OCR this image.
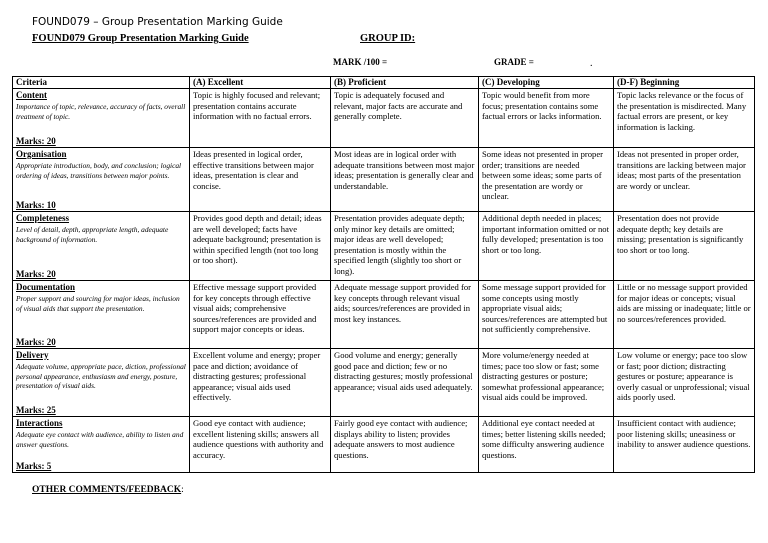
FOUND079 – Group Presentation Marking Guide
FOUND079 Group Presentation Marking Guide	GROUP ID:
MARK /100 =	GRADE =	.
Criteria	(A) Excellent	(B) Proficient	(C) Developing	(D-F) Beginning

Content
Importance of topic, relevance, accuracy of facts, overall treatment of topic.
Marks: 20	Topic is highly focused and relevant; presentation contains accurate information with no factual errors.	Topic is adequately focused and relevant, major facts are accurate and generally complete.	Topic would benefit from more focus; presentation contains some factual errors or lacks information.	Topic lacks relevance or the focus of the presentation is misdirected. Many factual errors are present, or key information is lacking.

Organisation
Appropriate introduction, body, and conclusion; logical ordering of ideas, transitions between major points.
Marks: 10	Ideas presented in logical order, effective transitions between major ideas, presentation is clear and concise.	Most ideas are in logical order with adequate transitions between most major ideas; presentation is generally clear and understandable.	Some ideas not presented in proper order; transitions are needed between some ideas; some parts of the presentation are wordy or unclear.	Ideas not presented in proper order, transitions are lacking between major ideas; most parts of the presentation are wordy or unclear.

Completeness
Level of detail, depth, appropriate length, adequate background of information.
Marks: 20	Provides good depth and detail; ideas are well developed; facts have adequate background; presentation is within specified length (not too long or too short).	Presentation provides adequate depth; only minor key details are omitted; major ideas are well developed; presentation is mostly within the specified length (slightly too short or long).	Additional depth needed in places; important information omitted or not fully developed; presentation is too short or too long.	Presentation does not provide adequate depth; key details are missing; presentation is significantly too short or too long.

Documentation
Proper support and sourcing for major ideas, inclusion of visual aids that support the presentation.
Marks: 20	Effective message support provided for key concepts through effective visual aids; comprehensive sources/references are provided and support major concepts or ideas.	Adequate message support provided for key concepts through relevant visual aids; sources/references are provided in most key instances.	Some message support provided for some concepts using mostly appropriate visual aids; sources/references are attempted but not sufficiently comprehensive.	Little or no message support provided for major ideas or concepts; visual aids are missing or inadequate; little or no sources/references provided.

Delivery
Adequate volume, appropriate pace, diction, professional personal appearance, enthusiasm and energy, posture, presentation of visual aids.
Marks: 25	Excellent volume and energy; proper pace and diction; avoidance of distracting gestures; professional appearance; visual aids used effectively.	Good volume and energy; generally good pace and diction; few or no distracting gestures; mostly professional appearance; visual aids used adequately.	More volume/energy needed at times; pace too slow or fast; some distracting gestures or posture; somewhat professional appearance; visual aids could be improved.	Low volume or energy; pace too slow or fast; poor diction; distracting gestures or posture; appearance is overly casual or unprofessional; visual aids poorly used.

Interactions
Adequate eye contact with audience, ability to listen and answer questions.
Marks: 5	Good eye contact with audience; excellent listening skills; answers all audience questions with authority and accuracy.	Fairly good eye contact with audience; displays ability to listen; provides adequate answers to most audience questions.	Additional eye contact needed at times; better listening skills needed; some difficulty answering audience questions.	Insufficient contact with audience; poor listening skills; uneasiness or inability to answer audience questions.
OTHER COMMENTS/FEEDBACK:
